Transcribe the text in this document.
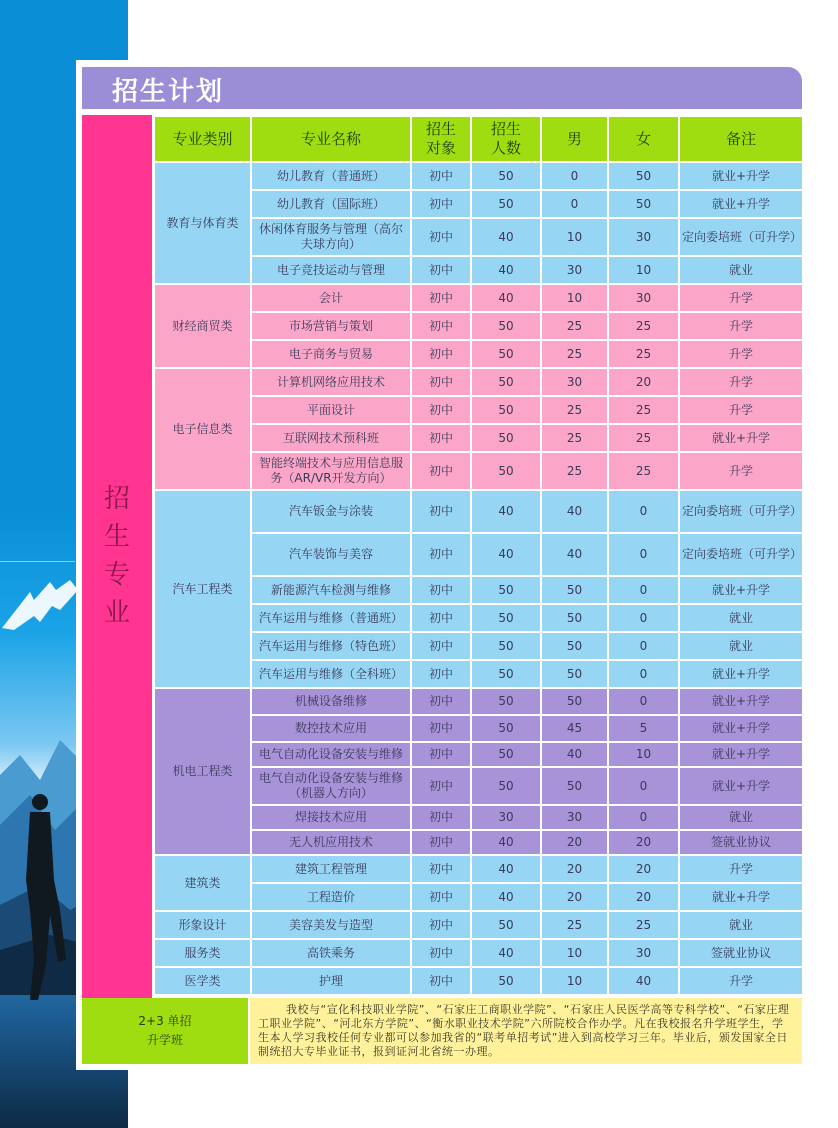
招生计划
招
生
专
业
专业类别	专业名称	招生对象	招生人数	男	女	备注
教育与体育类	幼儿教育（普通班）	初中	50	0	50	就业+升学
	幼儿教育（国际班）	初中	50	0	50	就业+升学
	休闲体育服务与管理（高尔夫球方向）	初中	40	10	30	定向委培班（可升学）
	电子竞技运动与管理	初中	40	30	10	就业
财经商贸类	会计	初中	40	10	30	升学
	市场营销与策划	初中	50	25	25	升学
	电子商务与贸易	初中	50	25	25	升学
电子信息类	计算机网络应用技术	初中	50	30	20	升学
	平面设计	初中	50	25	25	升学
	互联网技术预科班	初中	50	25	25	就业+升学
	智能终端技术与应用信息服务（AR/VR开发方向）	初中	50	25	25	升学
汽车工程类	汽车钣金与涂装	初中	40	40	0	定向委培班（可升学）
	汽车装饰与美容	初中	40	40	0	定向委培班（可升学）
	新能源汽车检测与维修	初中	50	50	0	就业+升学
	汽车运用与维修（普通班）	初中	50	50	0	就业
	汽车运用与维修（特色班）	初中	50	50	0	就业
	汽车运用与维修（全科班）	初中	50	50	0	就业+升学
机电工程类	机械设备维修	初中	50	50	0	就业+升学
	数控技术应用	初中	50	45	5	就业+升学
	电气自动化设备安装与维修	初中	50	40	10	就业+升学
	电气自动化设备安装与维修（机器人方向）	初中	50	50	0	就业+升学
	焊接技术应用	初中	30	30	0	就业
	无人机应用技术	初中	40	20	20	签就业协议
建筑类	建筑工程管理	初中	40	20	20	升学
	工程造价	初中	40	20	20	就业+升学
形象设计	美容美发与造型	初中	50	25	25	就业
服务类	高铁乘务	初中	40	10	30	签就业协议
医学类	护理	初中	50	10	40	升学
2+3 单招
升学班
我校与“宣化科技职业学院”、“石家庄工商职业学院”、“石家庄人民医学高等专科学校”、“石家庄理工职业学院”、“河北东方学院”、“衡水职业技术学院”六所院校合作办学。凡在我校报名升学班学生，学生本人学习我校任何专业都可以参加我省的“联考单招考试”进入到高校学习三年。毕业后，颁发国家全日制统招大专毕业证书，报到证河北省统一办理。
